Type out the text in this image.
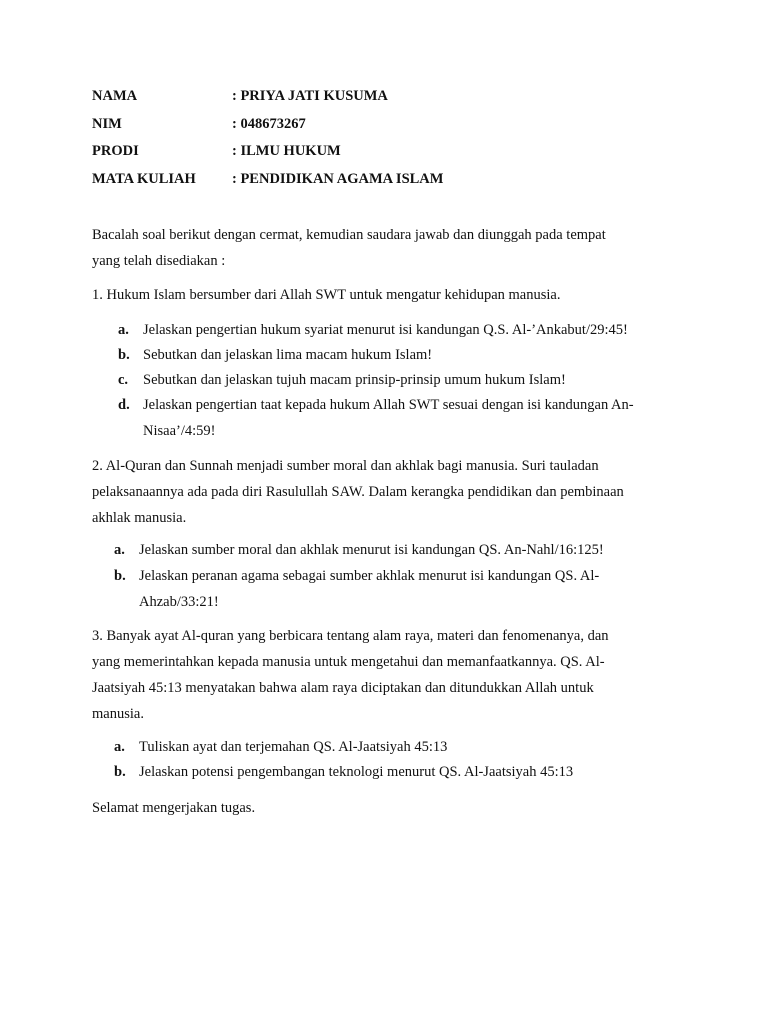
NAMA	: PRIYA JATI KUSUMA
NIM	: 048673267
PRODI	: ILMU HUKUM
MATA KULIAH : PENDIDIKAN AGAMA ISLAM
Bacalah soal berikut dengan cermat, kemudian saudara jawab dan diunggah pada tempat
yang telah disediakan :
1. Hukum Islam bersumber dari Allah SWT untuk mengatur kehidupan manusia.
a. Jelaskan pengertian hukum syariat menurut isi kandungan Q.S. Al-’Ankabut/29:45!
b. Sebutkan dan jelaskan lima macam hukum Islam!
c. Sebutkan dan jelaskan tujuh macam prinsip-prinsip umum hukum Islam!
d. Jelaskan pengertian taat kepada hukum Allah SWT sesuai dengan isi kandungan An-
Nisaa’/4:59!
2. Al-Quran dan Sunnah menjadi sumber moral dan akhlak bagi manusia. Suri tauladan
pelaksanaannya ada pada diri Rasulullah SAW. Dalam kerangka pendidikan dan pembinaan
akhlak manusia.
a. Jelaskan sumber moral dan akhlak menurut isi kandungan QS. An-Nahl/16:125!
b. Jelaskan peranan agama sebagai sumber akhlak menurut isi kandungan QS. Al-
Ahzab/33:21!
3. Banyak ayat Al-quran yang berbicara tentang alam raya, materi dan fenomenanya, dan
yang memerintahkan kepada manusia untuk mengetahui dan memanfaatkannya. QS. Al-
Jaatsiyah 45:13 menyatakan bahwa alam raya diciptakan dan ditundukkan Allah untuk
manusia.
a. Tuliskan ayat dan terjemahan QS. Al-Jaatsiyah 45:13
b. Jelaskan potensi pengembangan teknologi menurut QS. Al-Jaatsiyah 45:13
Selamat mengerjakan tugas.
